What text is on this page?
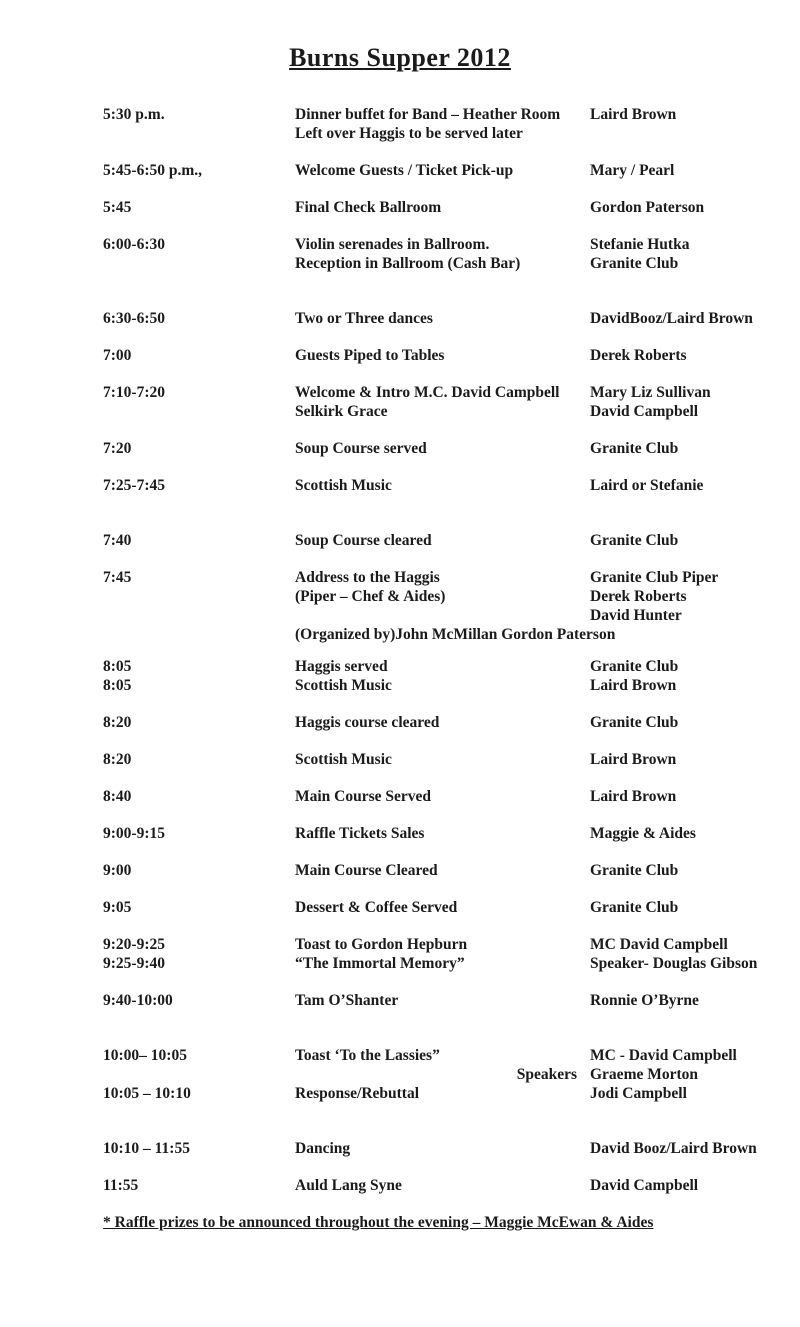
Burns Supper 2012
5:30 p.m.	Dinner buffet for Band – Heather Room	Laird Brown
Left over Haggis to be served later
5:45-6:50 p.m.,	Welcome Guests / Ticket Pick-up	Mary / Pearl
5:45	Final Check Ballroom	Gordon Paterson
6:00-6:30	Violin serenades in Ballroom.	Stefanie Hutka
Reception in Ballroom (Cash Bar)	Granite Club
6:30-6:50	Two or Three dances	DavidBooz/Laird Brown
7:00	Guests Piped to Tables	Derek Roberts
7:10-7:20	Welcome & Intro M.C. David Campbell	Mary Liz Sullivan
Selkirk Grace	David Campbell
7:20	Soup Course served	Granite Club
7:25-7:45	Scottish Music	Laird or Stefanie
7:40	Soup Course cleared	Granite Club
7:45	Address to the Haggis	Granite Club Piper
(Piper – Chef & Aides)	Derek Roberts
David Hunter
(Organized by)John McMillan Gordon Paterson
8:05	Haggis served	Granite Club
8:05	Scottish Music	Laird Brown
8:20	Haggis course cleared	Granite Club
8:20	Scottish Music	Laird Brown
8:40	Main Course Served	Laird Brown
9:00-9:15	Raffle Tickets Sales	Maggie & Aides
9:00	Main Course Cleared	Granite Club
9:05	Dessert & Coffee Served	Granite Club
9:20-9:25	Toast to Gordon Hepburn	MC David Campbell
9:25-9:40	“The Immortal Memory”	Speaker- Douglas Gibson
9:40-10:00	Tam O’Shanter	Ronnie O’Byrne
10:00– 10:05	Toast ‘To the Lassies”	MC - David Campbell
Speakers Graeme Morton
10:05 – 10:10	Response/Rebuttal	Jodi Campbell
10:10 – 11:55	Dancing	David Booz/Laird Brown
11:55	Auld Lang Syne	David Campbell
* Raffle prizes to be announced throughout the evening – Maggie McEwan & Aides
